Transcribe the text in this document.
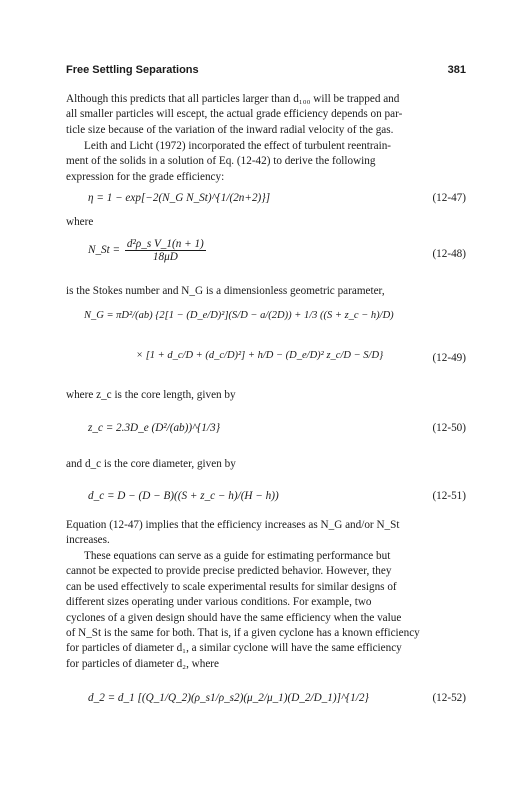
Free Settling Separations	381
Although this predicts that all particles larger than d₁₀₀ will be trapped and
all smaller particles will escept, the actual grade efficiency depends on par-
ticle size because of the variation of the inward radial velocity of the gas.
Leith and Licht (1972) incorporated the effect of turbulent reentrain-
ment of the solids in a solution of Eq. (12-42) to derive the following
expression for the grade efficiency:
η = 1 − exp[−2(N_G N_St)^{1/(2n+2)}]	(12-47)
where
N_St = $\frac{\text{d²ρ\_s V\_1(n + 1)}}{18\mu D}$	(12-48)
is the Stokes number and N_G is a dimensionless geometric parameter,
N_G = πD²/(ab) {2[1 − (D_e/D)²](S/D − a/(2D)) + 1/3 ((S + z_c − h)/D)
× [1 + d_c/D + (d_c/D)²] + h/D − (D_e/D)² z_c/D − S/D}	(12-49)
where z_c is the core length, given by
z_c = 2.3D_e (D²/(ab))^{1/3}	(12-50)
and d_c is the core diameter, given by
d_c = D − (D − B)((S + z_c − h)/(H − h))	(12-51)
Equation (12-47) implies that the efficiency increases as N_G and/or N_St
increases.
These equations can serve as a guide for estimating performance but
cannot be expected to provide precise predicted behavior. However, they
can be used effectively to scale experimental results for similar designs of
different sizes operating under various conditions. For example, two
cyclones of a given design should have the same efficiency when the value
of N_St is the same for both. That is, if a given cyclone has a known efficiency
for particles of diameter d₁, a similar cyclone will have the same efficiency
for particles of diameter d₂, where
d_2 = d_1 [(Q_1/Q_2)(ρ_s1/ρ_s2)(μ_2/μ_1)(D_2/D_1)]^{1/2}	(12-52)
